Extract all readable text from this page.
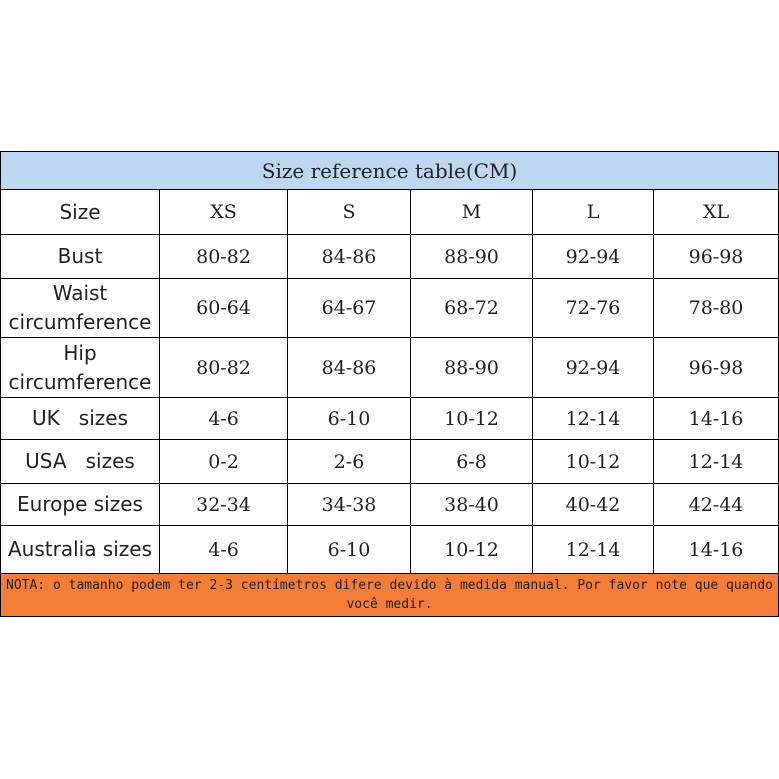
Size reference table(CM)					
Size	XS	S	M	L	XL
Bust	80-82	84-86	88-90	92-94	96-98
Waist circumference	60-64	64-67	68-72	72-76	78-80
Hip circumference	80-82	84-86	88-90	92-94	96-98
UK   sizes	4-6	6-10	10-12	12-14	14-16
USA   sizes	0-2	2-6	6-8	10-12	12-14
Europe sizes	32-34	34-38	38-40	40-42	42-44
Australia sizes	4-6	6-10	10-12	12-14	14-16
NOTA: o tamanho podem ter 2-3 centímetros difere devido à medida manual. Por favor note que quando você medir.					
